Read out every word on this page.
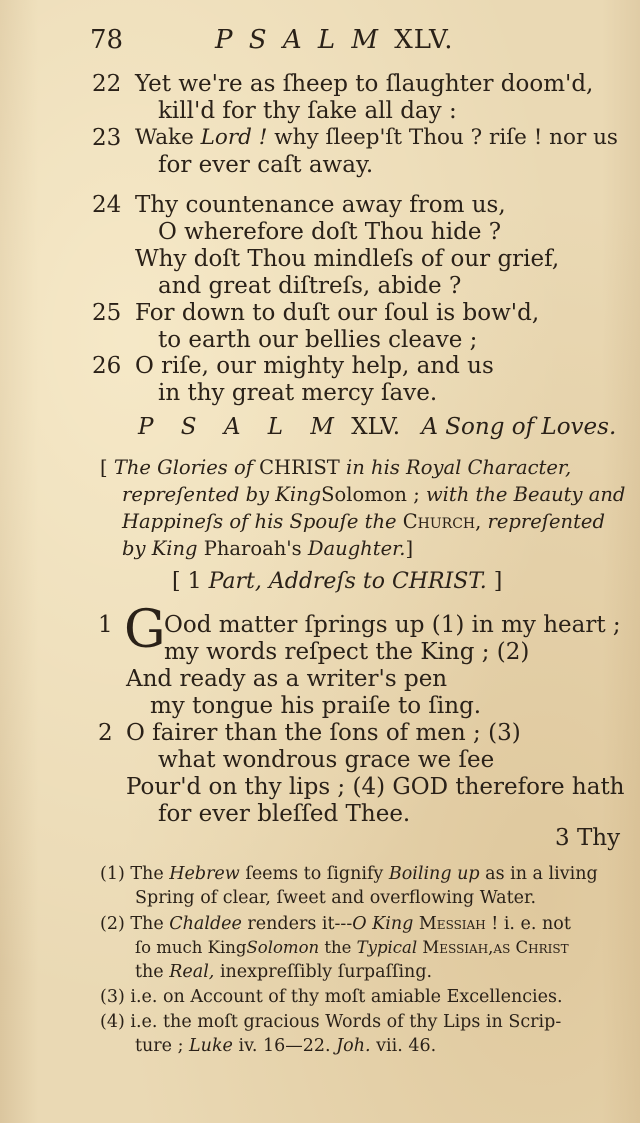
78	P S A L M XLV.
22 Yet we're as ſheep to ſlaughter doom'd,
kill'd for thy ſake all day :
23 Wake Lord ! why ſleep'ſt Thou ? riſe ! nor us
for ever caſt away.
24 Thy countenance away from us,
O wherefore doſt Thou hide ?
Why doſt Thou mindleſs of our grief,
and great diſtreſs, abide ?
25 For down to duſt our ſoul is bow'd,
to earth our bellies cleave ;
26 O riſe, our mighty help, and us
in thy great mercy ſave.
P S A L M XLV. A Song of Loves.
[ The Glories of CHRIST in his Royal Character,
repreſented by KingSolomon ; with the Beauty and
Happineſs of his Spouſe the Church, repreſented
by King Pharoah's Daughter.]
[ 1 Part, Addreſs to CHRIST. ]
1 G
Ood matter ſprings up (1) in my heart ;
my words reſpect the King ; (2)
And ready as a writer's pen
my tongue his praiſe to ſing.
2 O fairer than the ſons of men ; (3)
what wondrous grace we ſee
Pour'd on thy lips ; (4) GOD therefore hath
for ever bleſſed Thee.
3 Thy
(1) The Hebrew ſeems to ſignify Boiling up as in a living
Spring of clear, ſweet and overflowing Water.
(2) The Chaldee renders it---O King Messiah ! i. e. not
ſo much KingSolomon the Typical Messiah,as Christ
the Real, inexpreſſibly ſurpaſſing.
(3) i.e. on Account of thy moſt amiable Excellencies.
(4) i.e. the moſt gracious Words of thy Lips in Scrip-
ture ; Luke iv. 16—22. Joh. vii. 46.
